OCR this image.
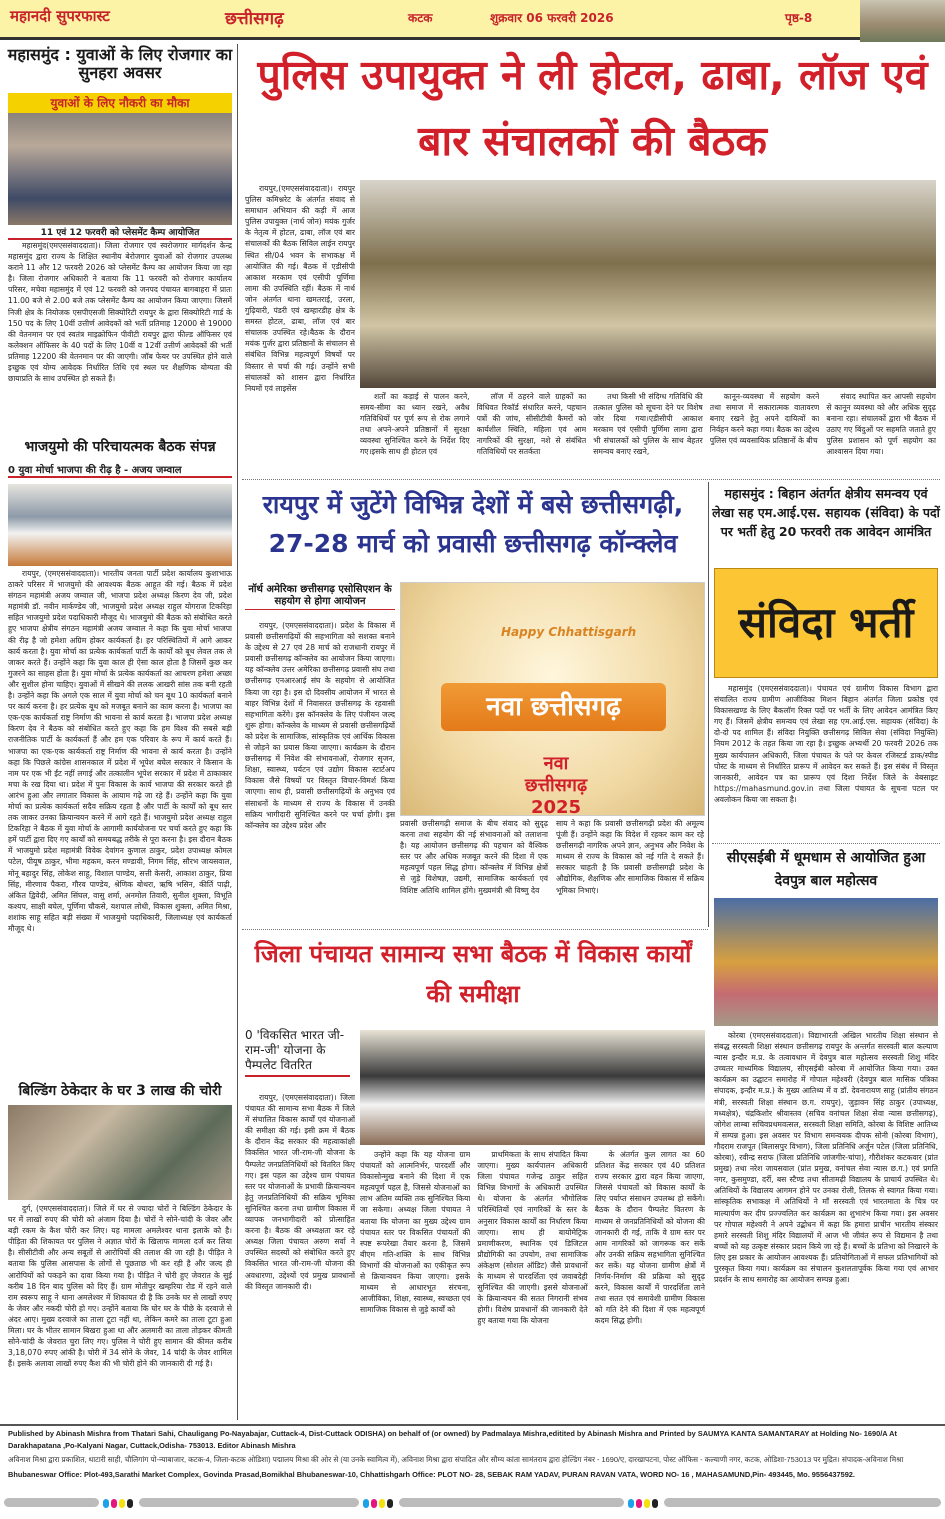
महानदी सुपरफास्ट	छत्तीसगढ़	कटक	शुक्रवार 06 फरवरी 2026	पृष्ठ-8
महासमुंद : युवाओं के लिए रोजगार का सुनहरा अवसर
युवाओं के लिए नौकरी का मौका
11 एवं 12 फरवरी को प्लेसमेंट कैम्प आयोजित
महासमुंद(एमएससंवाददाता)। जिला रोजगार एवं स्वरोजगार मार्गदर्शन केन्द्र महासमुंद द्वारा राज्य के शिक्षित स्थानीय बेरोजगार युवाओं को रोजगार उपलब्ध कराने 11 और 12 फरवरी 2026 को प्लेसमेंट कैम्प का आयोजन किया जा रहा है। जिला रोजगार अधिकारी ने बताया कि 11 फरवरी को रोजगार कार्यालय परिसर, मचेवा महासमुंद में एवं 12 फरवरी को जनपद पंचायत बागबाहरा में प्रातः 11.00 बजे से 2.00 बजे तक प्लेसमेंट कैम्प का आयोजन किया जाएगा। जिसमें निजी क्षेत्र के नियोजक एसपीएसजी सिक्योरिटी रायपुर के द्वारा सिक्योरिटी गार्ड के 150 पद के लिए 10वीं उत्तीर्ण आवेदकों को भर्ती प्रतिमाह 12000 से 19000 की वेतनमान पर एवं स्वतंत्र माइक्रोफिन पीवीटी रायपुर द्वारा फील्ड ऑफिसर एवं कलेक्शन ऑफिसर के 40 पदों के लिए 10वीं व 12वीं उत्तीर्ण आवेदकों की भर्ती प्रतिमाह 12200 की वेतनमान पर की जाएगी। जॉब फेयर पर उपस्थित होने वाले इच्छुक एवं योग्य आवेदक निर्धारित तिथि एवं स्थल पर शैक्षणिक योग्यता की छायाप्रति के साथ उपस्थित हो सकते हैं।
भाजयुमो की परिचायत्मक बैठक संपन्न
0 युवा मोर्चा भाजपा की रीढ़ है - अजय जम्वाल
रायपुर, (एमएससंवाददाता)। भारतीय जनता पार्टी प्रदेश कार्यालय कुशाभाऊ ठाकरे परिसर में भाजयुमो की आवश्यक बैठक आहूत की गई। बैठक में प्रदेश संगठन महामंत्री अजय जम्वाल जी, भाजपा प्रदेश अध्यक्ष किरण देव जी, प्रदेश महामंत्री डॉ. नवीन मार्कण्डेय जी, भाजयुमो प्रदेश अध्यक्ष राहुल योगराज टिकरिहा सहित भाजयुमो प्रदेश पदाधिकारी मौजूद थे। भाजयुमो की बैठक को संबोधित करते हुए भाजपा क्षेत्रीय संगठन महामंत्री अजय जम्वाल ने कहा कि युवा मोर्चा भाजपा की रीढ़ है जो हमेशा अग्रिम होकर कार्यकर्ता है। हर परिस्थितियों में आगे आकर कार्य करता है। युवा मोर्चा का प्रत्येक कार्यकर्ता पार्टी के कार्यों को बूथ लेवल तक ले जाकर करते हैं। उन्होंने कहा कि युवा काल ही ऐसा काल होता है जिसमें कुछ कर गुजरने का साहस होता है। युवा मोर्चा के प्रत्येक कार्यकर्ता का आचरण हमेशा अच्छा और सुशील होना चाहिए। युवाओं में सीखने की ललक आखरी सांस तक बनी रहती है। उन्होंने कहा कि अगले एक साल में युवा मोर्चा को चन बूथ 10 कार्यकर्ता बनाने पर कार्य करना है। हर प्रत्येक बूथ को मजबूत बनाने का काम करना है। भाजपा का एक-एक कार्यकर्ता राष्ट्र निर्माण की भावना से कार्य करता है। भाजपा प्रदेश अध्यक्ष किरण देव ने बैठक को संबोधित करते हुए कहा कि हम विश्व की सबसे बड़ी राजनीतिक पार्टी के कार्यकर्ता हैं और हम एक परिवार के रूप में कार्य करते हैं। भाजपा का एक-एक कार्यकर्ता राष्ट्र निर्माण की भावना से कार्य करता है। उन्होंने कहा कि पिछले कांग्रेस शासनकाल में प्रदेश में भूपेश बघेल सरकार ने किसान के नाम पर एक भी ईंट नहीं लगाई और तत्कालीन भूपेश सरकार में प्रदेश में ठाकाकार मचा के रख दिया था। प्रदेश में पुनः विकास के कार्य भाजपा की सरकार करते ही आरंभ हुआ और लगातार विकास के आयाम गढ़े जा रहे हैं। उन्होंने कहा कि युवा मोर्चा का प्रत्येक कार्यकर्ता सदैव सक्रिय रहता है और पार्टी के कार्यों को बूथ स्तर तक जाकर उनका क्रियान्वयन करने में आगे रहते हैं। भाजयुमो प्रदेश अध्यक्ष राहुल टिकरिहा ने बैठक में युवा मोर्चा के आगामी कार्ययोजना पर चर्चा करते हुए कहा कि हमें पार्टी द्वारा दिए गए कार्यों को समयबद्ध तरीके से पूरा करना है। इस दौरान बैठक में भाजयुमो प्रदेश महामंत्री विवेक देवांगन कुणाल ठाकुर, प्रदेश उपाध्यक्ष कोमल पटेल, पीयूष ठाकुर, भीमा महकम, करन मण्डावी, निगम सिंह, सौरभ जायसवाल, मोनू बहादुर सिंह, लोकेश साहू, विशाल पाण्डेय, सत्ती केसरी, आकाश ठाकुर, प्रिया सिंह, मीरणाव पैकरा, गौरव पाण्डेय, श्रेणिक बोथरा, ऋषि भसिन, कीर्ति पाढ़ी, अंकित द्विवेदी, अमित सिंघल, वासु शर्मा, अनमोल तिवारी, सुनील शुक्ला, विभूति कश्यप, साक्षी बघेल, पूर्णिमा चौकसे, यशपाल लोधी, विकास शुक्ला, अमित मिश्रा, शशांक साहू सहित बड़ी संख्या में भाजयुमो पदाधिकारी, जिलाध्यक्ष एवं कार्यकर्ता मौजूद थे।
बिल्डिंग ठेकेदार के घर 3 लाख की चोरी
दुर्ग, (एमएससंवाददाता)। जिले में घर से ज्यादा चोरों ने बिल्डिंग ठेकेदार के घर में लाखों रुपए की चोरी को अंजाम दिया है। चोरों ने सोने-चांदी के जेवर और बड़ी रकम के कैश चोरी कर लिए। यह मामला अमलेश्वर थाना इलाके को है। पीड़िता की शिकायत पर पुलिस ने अज्ञात चोरों के खिलाफ मामला दर्ज कर लिया है। सीसीटीवी और अन्य सबूतों से आरोपियों की तलाश की जा रही है। पीड़ित ने बताया कि पुलिस आसपास के लोगों से पूछताछ भी कर रही है और जल्द ही आरोपियों को पकड़ने का दावा किया गया है। पीड़ित ने चोरी हुए जेवरात के सुई करीब 18 दिन बाद पुलिस को दिए हैं। ग्राम मोतीपुर खम्हरिया रोड में रहने वाले राम स्वरूप साहू ने थाना अमलेश्वर में शिकायत दी है कि उनके घर से लाखों रुपए के जेवर और नकदी चोरी हो गए। उन्होंने बताया कि घोर घर के पीछे के दरवाजे से अंदर आए। मुख्य दरवाजे का ताला टूटा नहीं था, लेकिन कमरे का ताला टूटा हुआ मिला। घर के भीतर सामान बिखरा हुआ था और अलमारी का ताला तोड़कर कीमती सोने-चांदी के जेवरात चुरा लिए गए। पुलिस ने चोरी हुए सामान की कीमत करीब 3,18,070 रुपए आंकी है। चोरी में 34 सोने के जेवर, 14 चांदी के जेवर शामिल हैं। इसके अलावा लाखों रुपए कैश की भी चोरी होने की जानकारी दी गई है।
पुलिस उपायुक्त ने ली होटल, ढाबा, लॉज एवं बार संचालकों की बैठक
रायपुर,(एमएससंवाददाता)। रायपुर पुलिस कमिश्नरेट के अंतर्गत संवाद से समाधान अभियान की कड़ी में आज पुलिस उपायुक्त (नार्थ जोन) मयंक गुर्जर के नेतृत्व में होटल, ढाबा, लॉज एवं बार संचालकों की बैठक सिविल लाईन रायपुर स्थित सी/04 भवन के सभाकक्ष में आयोजित की गई। बैठक में एडीसीपी आकाश मरकाम एवं एसीपी पूर्णिमा लामा की उपस्थिति रहीं। बैठक में नार्थ जोन अंतर्गत थाना खमतराई, उरला, गुढ़ियारी, पंडरी एवं खम्हारडीह क्षेत्र के समस्त होटल, ढाबा, लॉज एवं बार संचालक उपस्थित रहे।बैठक के दौरान मयंक गुर्जर द्वारा प्रतिष्ठानों के संचालन से संबंधित विभिन्न महत्वपूर्ण विषयों पर विस्तार से चर्चा की गई। उन्होंने सभी संचालकों को शासन द्वारा निर्धारित नियमों एवं लाइसेंस
शर्तों का कड़ाई से पालन करने, समय-सीमा का ध्यान रखने, अवैध गतिविधियों पर पूर्ण रूप से रोक लगाने तथा अपने-अपने प्रतिष्ठानों में सुरक्षा व्यवस्था सुनिश्चित करने के निर्देश दिए गए।इसके साथ ही होटल एवं
लॉज में ठहरने वाले ग्राहकों का विधिवत रिकॉर्ड संधारित करने, पहचान पत्रों की जांच, सीसीटीवी कैमरों को कार्यशील स्थिति, महिला एवं आम नागरिकों की सुरक्षा, नशे से संबंधित गतिविधियों पर सतर्कता
तथा किसी भी संदिग्ध गतिविधि की तत्काल पुलिस को सूचना देने पर विशेष जोर दिया गया।एडीसीपी आकाश मरकाम एवं एसीपी पूर्णिमा लामा द्वारा भी संचालकों को पुलिस के साथ बेहतर समन्वय बनाए रखने,
कानून-व्यवस्था में सहयोग करने तथा समाज में सकारात्मक वातावरण बनाए रखने हेतु अपने दायित्वों का निर्वहन करने कहा गया। बैठक का उद्देश्य पुलिस एवं व्यवसायिक प्रतिष्ठानों के बीच
संवाद स्थापित कर आपसी सहयोग से कानून व्यवस्था को और अधिक सुदृढ़ बनाना रहा। संचालकों द्वारा भी बैठक में उठाए गए बिंदुओं पर सहमति जताते हुए पुलिस प्रशासन को पूर्ण सहयोग का आश्वासन दिया गया।
रायपुर में जुटेंगे विभिन्न देशों में बसे छत्तीसगढ़ी, 27-28 मार्च को प्रवासी छत्तीसगढ़ कॉन्क्लेव
नॉर्थ अमेरिका छत्तीसगढ़ एसोसिएशन के सहयोग से होगा आयोजन
रायपुर, (एमएससंवाददाता)। प्रदेश के विकास में प्रवासी छत्तीसगढ़ियों की सहभागिता को सशक्त बनाने के उद्देश्य से 27 एवं 28 मार्च को राजधानी रायपुर में प्रवासी छत्तीसगढ़ कॉन्क्लेव का आयोजन किया जाएगा। यह कॉन्क्लेव उत्तर अमेरिका छत्तीसगढ़ प्रवासी संघ तथा छत्तीसगढ़ एनआरआई संघ के सहयोग से आयोजित किया जा रहा है। इस दो दिवसीय आयोजन में भारत से बाहर विभिन्न देशों में निवासरत छत्तीसगढ़ के रहवासी सहभागिता करेंगे। इस कॉनक्लेव के लिए पंजीयन जल्द शुरू होगा। कॉन्क्लेव के माध्यम से प्रवासी छत्तीसगढ़ियों को प्रदेश के सामाजिक, सांस्कृतिक एवं आर्थिक विकास से जोड़ने का प्रयास किया जाएगा। कार्यक्रम के दौरान छत्तीसगढ़ में निवेश की संभावनाओं, रोजगार सृजन, शिक्षा, स्वास्थ्य, पर्यटन एवं उद्योग विकास स्टार्टअप विकास जैसे विषयों पर विस्तृत विचार-विमर्श किया जाएगा। साथ ही, प्रवासी छत्तीसगढ़ियों के अनुभव एवं संसाधनों के माध्यम से राज्य के विकास में उनकी सक्रिय भागीदारी सुनिश्चित करने पर चर्चा होगी। इस कॉन्क्लेव का उद्देश्य प्रदेश और
Happy Chhattisgarh
नवा छत्तीसगढ़
नवा छत्तीसगढ़ 2025
प्रवासी छत्तीसगढ़ी समाज के बीच संवाद को सुदृढ़ करना तथा सहयोग की नई संभावनाओं को तलाशना है। यह आयोजन छत्तीसगढ़ की पहचान को वैश्विक स्तर पर और अधिक मजबूत करने की दिशा में एक महत्वपूर्ण पहल सिद्ध होगा। कॉन्क्लेव में विभिन्न क्षेत्रों से जुड़े विशेषज्ञ, उद्यमी, सामाजिक कार्यकर्ता एवं विशिष्ट अतिथि शामिल होंगे। मुख्यमंत्री श्री विष्णु देव
साय ने कहा कि प्रवासी छत्तीसगढ़ी प्रदेश की अमूल्य पूंजी हैं। उन्होंने कहा कि विदेश में रहकर काम कर रहे छत्तीसगढ़ी नागरिक अपने ज्ञान, अनुभव और निवेश के माध्यम से राज्य के विकास को नई गति दे सकते हैं। सरकार चाहती है कि प्रवासी छत्तीसगढ़ी प्रदेश के औद्योगिक, शैक्षणिक और सामाजिक विकास में सक्रिय भूमिका निभाएं।
महासमुंद : बिहान अंतर्गत क्षेत्रीय समन्वय एवं लेखा सह एम.आई.एस. सहायक (संविदा) के पदों पर भर्ती हेतु 20 फरवरी तक आवेदन आमंत्रित
संविदा भर्ती
महासमुंद (एमएससंवाददाता)। पंचायत एवं ग्रामीण विकास विभाग द्वारा संचालित राज्य ग्रामीण आजीविका मिशन बिहान अंतर्गत जिला प्रकोष्ठ एवं विकासखण्ड के लिए बैकलॉग रिक्त पदों पर भर्ती के लिए आवेदन आमंत्रित किए गए हैं। जिसमें क्षेत्रीय समन्वय एवं लेखा सह एम.आई.एस. सहायक (संविदा) के दो-दो पद शामिल हैं। संविदा नियुक्ति छत्तीसगढ़ सिविल सेवा (संविदा नियुक्ति) नियम 2012 के तहत किया जा रहा है। इच्छुक अभ्यर्थी 20 फरवरी 2026 तक मुख्य कार्यपालन अधिकारी, जिला पंचायत के पते पर केवल रजिस्टर्ड डाक/स्पीड पोस्ट के माध्यम से निर्धारित प्रारूप में आवेदन कर सकते हैं। इस संबंध में विस्तृत जानकारी, आवेदन पत्र का प्रारूप एवं दिशा निर्देश जिले के वेबसाइट https://mahasmund.gov.in तथा जिला पंचायत के सूचना पटल पर अवलोकन किया जा सकता है।
सीएसईबी में धूमधाम से आयोजित हुआ देवपुत्र बाल महोत्सव
कोरबा (एमएससंवाददाता)। विद्याभारती अखिल भारतीय शिक्षा संस्थान से संबद्ध सरस्वती शिक्षा संस्थान छत्तीसगढ़ रायपुर के अन्तर्गत सरस्वती बाल कल्याण न्यास इन्दौर म.प्र. के तत्वावधान में देवपुत्र बाल महोत्सव सरस्वती शिशु मंदिर उच्चतर माध्यमिक विद्यालय, सीएसईबी कोरबा में आयोजित किया गया। उक्त कार्यक्रम का उद्घाटन समारोह में गोपाल महेश्वरी (देवपुत्र बाल मासिक पत्रिका संपादक, इन्दौर म.प्र.) के मुख्य आतिथ्य में व डॉ. देवनारायण साहू (प्रांतीय संगठन मंत्री, सरस्वती शिक्षा संस्थान छ.ग. रायपुर), जुड़ावन सिंह ठाकुर (उपाध्यक्ष, मध्यक्षेत्र), चंद्रकिशोर श्रीवास्तव (सचिव वनांचल शिक्षा सेवा न्यास छत्तीसगढ़), जोगेश लाम्बा सचिवप्रथमवत्सल, सरस्वती शिक्षा समिति, कोरबा के विशिष्ट आतिथ्य में सम्पन्न हुआ। इस अवसर पर विभाग समन्वयक दीपक सोनी (कोरबा विभाग), गौदराम राजपूत (बिलासपुर विभाग), जिला प्रतिनिधि अर्जुन पटेल (जिला प्रतिनिधि, कोरबा), रवीन्द्र सराफ (जिला प्रतिनिधि जांजगीर-चांपा), गौरीशंकर कटकवार (प्रांत प्रमुख) तथा नरेश जायसवाल (प्रांत प्रमुख, वनांचल सेवा न्यास छ.ग.) एवं प्रगति नगर, कुसमुण्डा, दर्री, बस स्टैण्ड तथा सीतामढ़ी विद्यालय के प्राचार्य उपस्थित थे। अतिथियों के विद्यालय आगमन होने पर उनका रोली, तिलक से स्वागत किया गया। सांस्कृतिक सभाकक्ष में अतिथियों ने माँ सरस्वती एवं भारतमाता के चित्र पर माल्यार्पण कर दीप प्रज्ज्वलित कर कार्यक्रम का शुभारंभ किया गया। इस अवसर पर गोपाल महेश्वरी ने अपने उद्बोधन में कहा कि हमारा प्राचीन भारतीय संस्कार हमारे सरस्वती शिशु मंदिर विद्यालयों में आज भी जीवंत रूप से विद्यमान है तथा बच्चों को यह उत्कृष्ट संस्कार प्रदान किये जा रहे हैं। बच्चों के प्रतिभा को निखारने के लिए इस प्रकार के आयोजन आवश्यक हैं। प्रतियोगिताओं में सफल प्रतिभागियों को पुरस्कृत किया गया। कार्यक्रम का संचालन कुशलतापूर्वक किया गया एवं आभार प्रदर्शन के साथ समारोह का आयोजन सम्पन्न हुआ।
जिला पंचायत सामान्य सभा बैठक में विकास कार्यों की समीक्षा
0 'विकसित भारत जी-राम-जी' योजना के पैम्पलेट वितरित
रायपुर, (एमएससंवाददाता)। जिला पंचायत की सामान्य सभा बैठक में जिले में संचालित विकास कार्यों एवं योजनाओं की समीक्षा की गई। इसी क्रम में बैठक के दौरान केंद्र सरकार की महत्वाकांक्षी विकसित भारत जी-राम-जी योजना के पैम्पलेट जनप्रतिनिधियों को वितरित किए गए। इस पहल का उद्देश्य ग्राम पंचायत स्तर पर योजनाओं के प्रभावी क्रियान्वयन हेतु जनप्रतिनिधियों की सक्रिय भूमिका सुनिश्चित करना तथा ग्रामीण विकास में व्यापक जनभागीदारी को प्रोत्साहित करना है। बैठक की अध्यक्षता कर रहे अध्यक्ष जिला पंचायत अरुण सर्वा ने उपस्थित सदस्यों को संबोधित करते हुए विकसित भारत जी-राम-जी योजना की अवधारणा, उद्देश्यों एवं प्रमुख प्रावधानों की विस्तृत जानकारी दी।
उन्होंने कहा कि यह योजना ग्राम पंचायतों को आत्मनिर्भर, पारदर्शी और विकासोन्मुख बनाने की दिशा में एक महत्वपूर्ण पहल है, जिससे योजनाओं का लाभ अंतिम व्यक्ति तक सुनिश्चित किया जा सकेगा। अध्यक्ष जिला पंचायत ने बताया कि योजना का मुख्य उद्देश्य ग्राम पंचायत स्तर पर विकसित पंचायतों की स्पष्ट रूपरेखा तैयार करना है, जिसमें बीएम गति-शक्ति के साथ विभिन्न विभागों की योजनाओं का एकीकृत रूप से क्रियान्वयन किया जाएगा। इसके माध्यम से आधारभूत संरचना, आजीविका, शिक्षा, स्वास्थ्य, स्वच्छता एवं सामाजिक विकास से जुड़े कार्यों को
प्राथमिकता के साथ संपादित किया जाएगा। मुख्य कार्यपालन अधिकारी जिला पंचायत गजेन्द्र ठाकुर सहित विभिन्न विभागों के अधिकारी उपस्थित थे। योजना के अंतर्गत भौगोलिक परिस्थितियों एवं नागरिकों के स्तर के अनुसार विकास कार्यों का निर्धारण किया जाएगा। साथ ही बायोमेट्रिक प्रमाणीकरण, स्थानिक एवं डिजिटल प्रौद्योगिकी का उपयोग, तथा सामाजिक अंकेक्षण (सोशल ऑडिट) जैसे प्रावधानों के माध्यम से पारदर्शिता एवं जवाबदेही सुनिश्चित की जाएगी। इससे योजनाओं के क्रियान्वयन की सतत निगरानी संभव होगी। विशेष प्रावधानों की जानकारी देते हुए बताया गया कि योजना
के अंतर्गत कुल लागत का 60 प्रतिशत केंद्र सरकार एवं 40 प्रतिशत राज्य सरकार द्वारा वहन किया जाएगा, जिससे पंचायतों को विकास कार्यों के लिए पर्याप्त संसाधन उपलब्ध हो सकेंगे। बैठक के दौरान पैम्पलेट वितरण के माध्यम से जनप्रतिनिधियों को योजना की जानकारी दी गई, ताकि वे ग्राम स्तर पर आम नागरिकों को जागरूक कर सकें और उनकी सक्रिय सहभागिता सुनिश्चित कर सकें। यह योजना ग्रामीण क्षेत्रों में निर्णय-निर्माण की प्रक्रिया को सुदृढ़ करने, विकास कार्यों में पारदर्शिता लाने तथा सतत एवं समावेशी ग्रामीण विकास को गति देने की दिशा में एक महत्वपूर्ण कदम सिद्ध होगी।
Published by Abinash Mishra from Thatari Sahi, Chauligang Po-Nayabajar, Cuttack-4, Dist-Cuttack ODISHA) on behalf of (or owned) by Padmalaya Mishra,editited by Abinash Mishra and Printed by SAUMYA KANTA SAMANTARAY at Holding No- 1690/A At Darakhapatana ,Po-Kalyani Nagar, Cuttack,Odisha- 753013. Editor Abinash Mishra
अविनाश मिश्रा द्वारा प्रकाशित, थाटारी साही, चौलिगांग पो-न्याबाजार, कटक-4, जिला-कटक ओडिशा) पद्मालय मिश्रा की ओर से (या उनके स्वामित्व में), अविनाश मिश्रा द्वारा संपादित और सौम्य कांता सामंतराय द्वारा होल्डिंग नंबर - 1690/ए, दारखापटना, पोस्ट ऑफिस - कल्याणी नगर, कटक, ओडिशा-753013 पर मुद्रित। संपादक-अविनाश मिश्रा
Bhubaneswar Office: Plot-493,Sarathi Market Complex, Govinda Prasad,Bomikhal Bhubaneswar-10, Chhattishgarh Office: PLOT NO- 28, SEBAK RAM YADAV, PURAN RAVAN VATA, WORD NO- 16 , MAHASAMUND,Pin- 493445, Mo. 9556437592.
